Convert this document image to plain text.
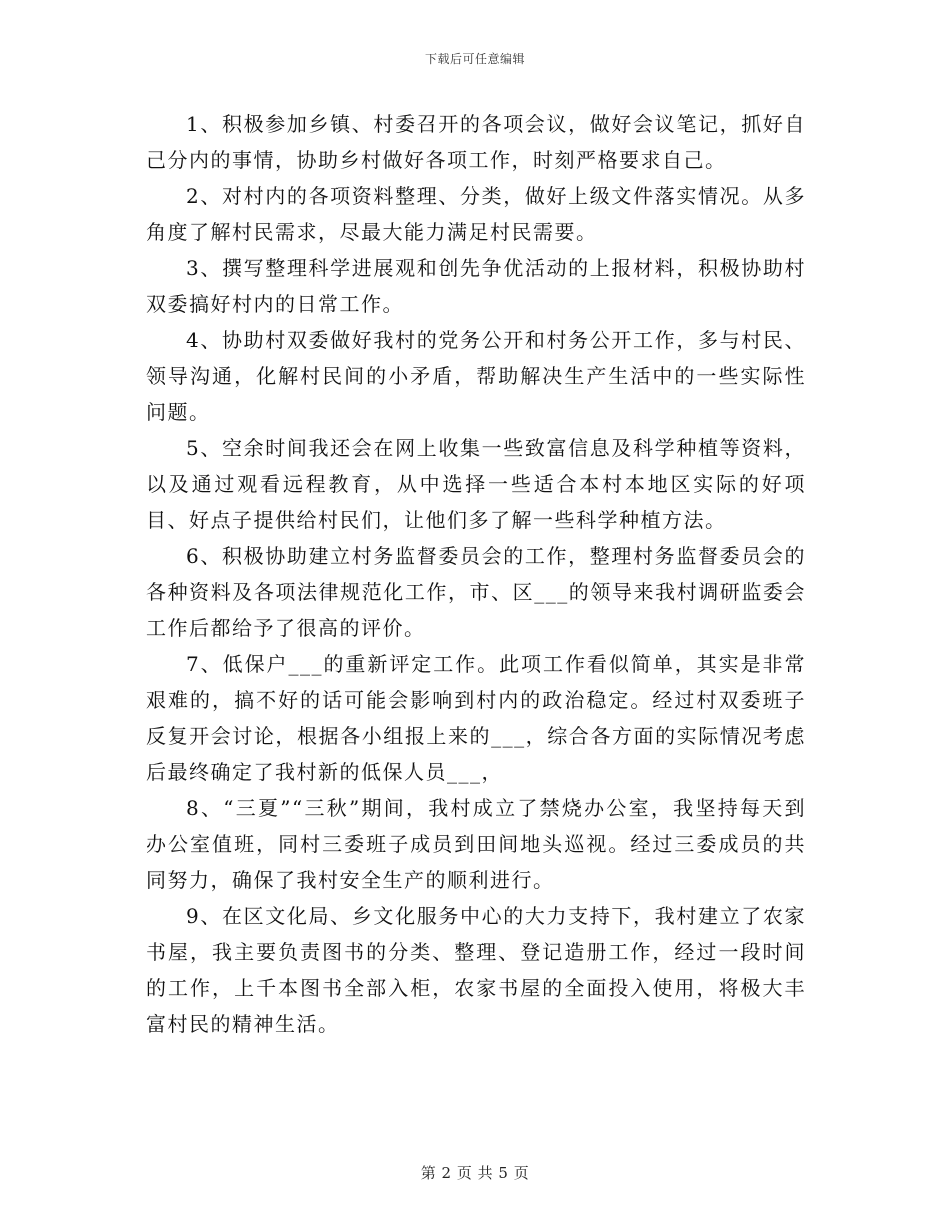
下载后可任意编辑

1、积极参加乡镇、村委召开的各项会议，做好会议笔记，抓好自己分内的事情，协助乡村做好各项工作，时刻严格要求自己。

2、对村内的各项资料整理、分类，做好上级文件落实情况。从多角度了解村民需求，尽最大能力满足村民需要。

3、撰写整理科学进展观和创先争优活动的上报材料，积极协助村双委搞好村内的日常工作。

4、协助村双委做好我村的党务公开和村务公开工作，多与村民、领导沟通，化解村民间的小矛盾，帮助解决生产生活中的一些实际性问题。

5、空余时间我还会在网上收集一些致富信息及科学种植等资料，以及通过观看远程教育，从中选择一些适合本村本地区实际的好项目、好点子提供给村民们，让他们多了解一些科学种植方法。

6、积极协助建立村务监督委员会的工作，整理村务监督委员会的各种资料及各项法律规范化工作，市、区___的领导来我村调研监委会工作后都给予了很高的评价。

7、低保户___的重新评定工作。此项工作看似简单，其实是非常艰难的，搞不好的话可能会影响到村内的政治稳定。经过村双委班子反复开会讨论，根据各小组报上来的___，综合各方面的实际情况考虑后最终确定了我村新的低保人员___，

8、“三夏”“三秋”期间，我村成立了禁烧办公室，我坚持每天到办公室值班，同村三委班子成员到田间地头巡视。经过三委成员的共同努力，确保了我村安全生产的顺利进行。

9、在区文化局、乡文化服务中心的大力支持下，我村建立了农家书屋，我主要负责图书的分类、整理、登记造册工作，经过一段时间的工作，上千本图书全部入柜，农家书屋的全面投入使用，将极大丰富村民的精神生活。

第 2 页 共 5 页
